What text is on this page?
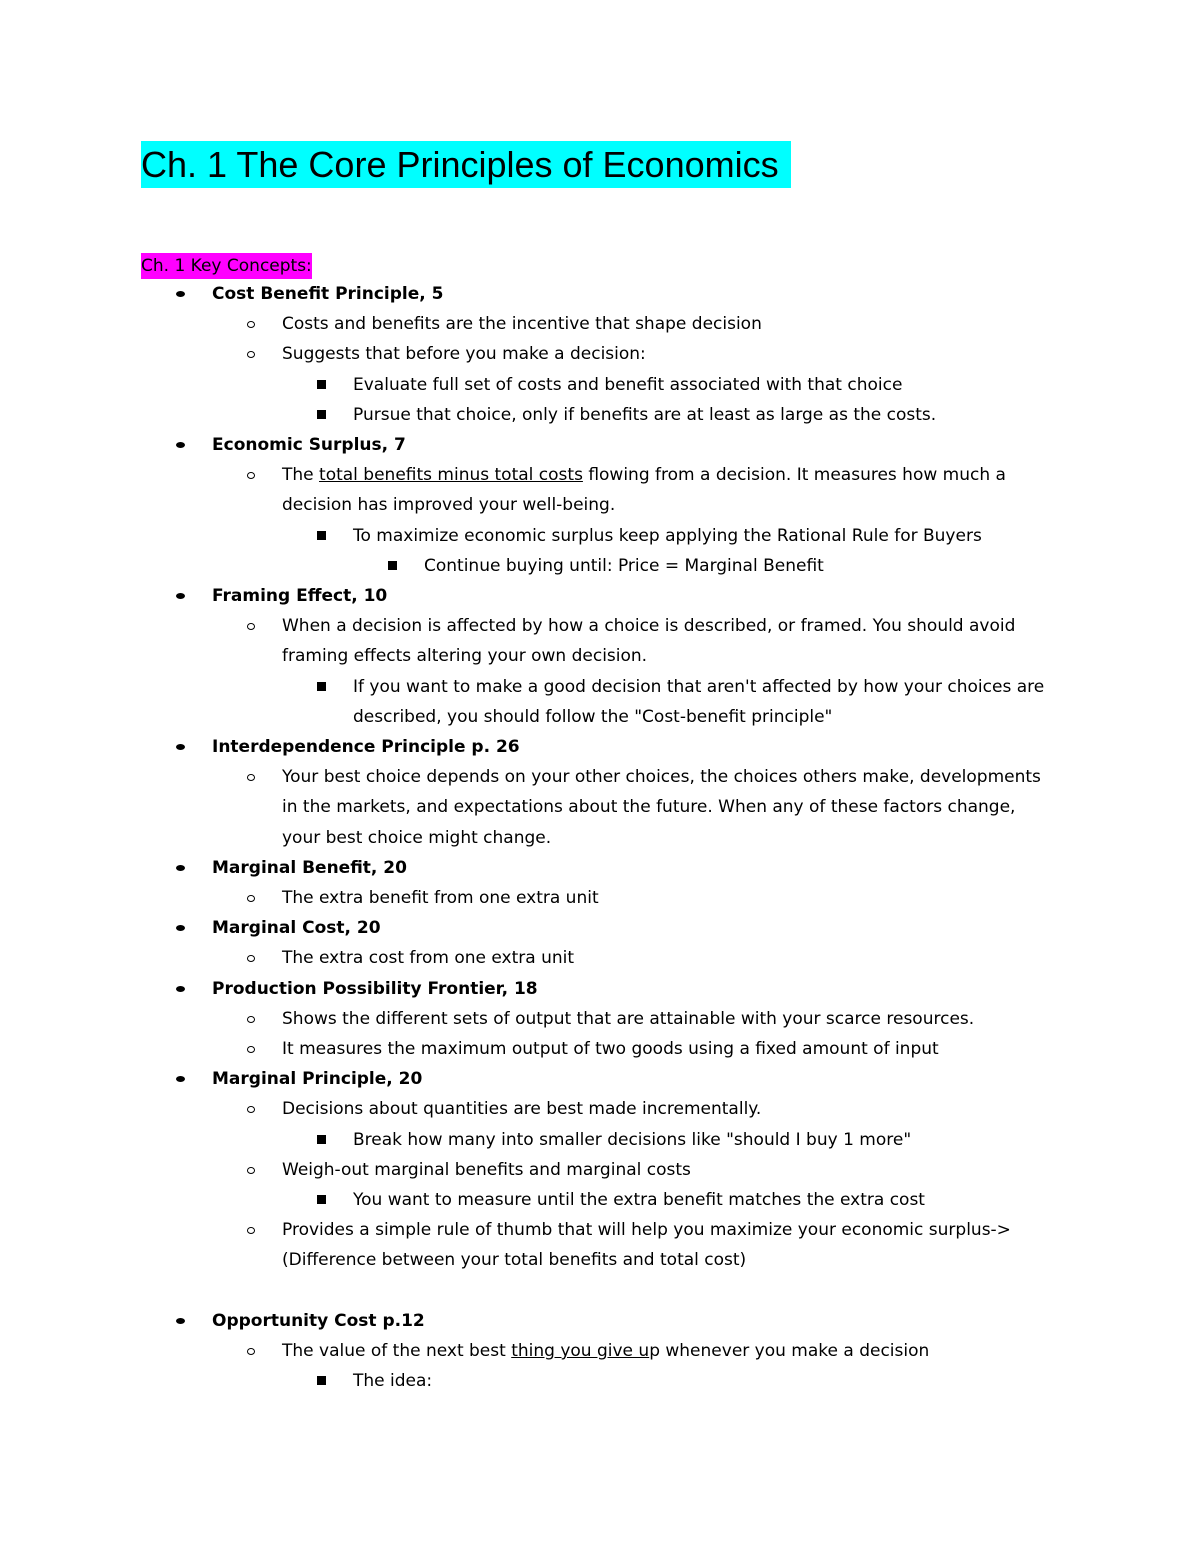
Ch. 1 The Core Principles of Economics
Ch. 1 Key Concepts:
Cost Benefit Principle, 5
Costs and benefits are the incentive that shape decision
Suggests that before you make a decision:
Evaluate full set of costs and benefit associated with that choice
Pursue that choice, only if benefits are at least as large as the costs.
Economic Surplus, 7
The total benefits minus total costs flowing from a decision. It measures how much a
decision has improved your well-being.
To maximize economic surplus keep applying the Rational Rule for Buyers
Continue buying until: Price = Marginal Benefit
Framing Effect, 10
When a decision is affected by how a choice is described, or framed. You should avoid
framing effects altering your own decision.
If you want to make a good decision that aren't affected by how your choices are
described, you should follow the "Cost-benefit principle"
Interdependence Principle p. 26
Your best choice depends on your other choices, the choices others make, developments
in the markets, and expectations about the future. When any of these factors change,
your best choice might change.
Marginal Benefit, 20
The extra benefit from one extra unit
Marginal Cost, 20
The extra cost from one extra unit
Production Possibility Frontier, 18
Shows the different sets of output that are attainable with your scarce resources.
It measures the maximum output of two goods using a fixed amount of input
Marginal Principle, 20
Decisions about quantities are best made incrementally.
Break how many into smaller decisions like "should I buy 1 more"
Weigh-out marginal benefits and marginal costs
You want to measure until the extra benefit matches the extra cost
Provides a simple rule of thumb that will help you maximize your economic surplus->
(Difference between your total benefits and total cost)
Opportunity Cost p.12
The value of the next best thing you give up whenever you make a decision
The idea:
